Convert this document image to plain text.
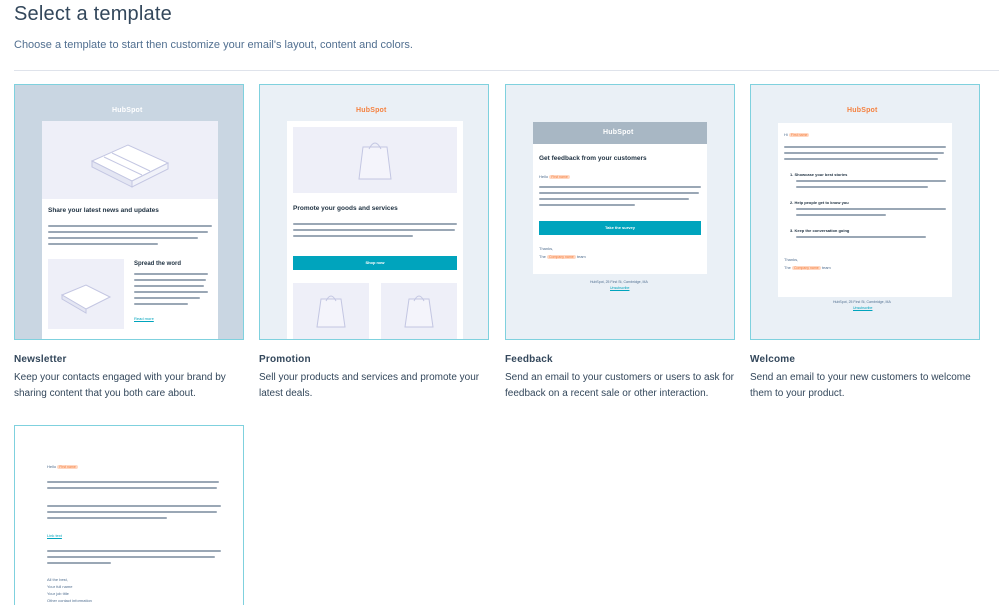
Select a template

Choose a template to start then customize your email's layout, content and colors.

HubSpot
Share your latest news and updates
Spread the word
Read more
Newsletter
Keep your contacts engaged with your brand by sharing content that you both care about.
HubSpot
Promote your goods and services
Shop now
Promotion
Sell your products and services and promote your latest deals.
HubSpot
Get feedback from your customers
Hello First name
Take the survey
Thanks,
The Company name team
HubSpot, 25 First St, Cambridge, MA
Unsubscribe
Feedback
Send an email to your customers or users to ask for feedback on a recent sale or other interaction.
HubSpot
Hi First name
1. Showcase your best stories
2. Help people get to know you
3. Keep the conversation going
Thanks,
The Company name team
HubSpot, 25 First St, Cambridge, MA
Unsubscribe
Welcome
Send an email to your new customers to welcome them to your product.
Hello First name
Link text
All the best,
Your full name
Your job title
Other contact information
